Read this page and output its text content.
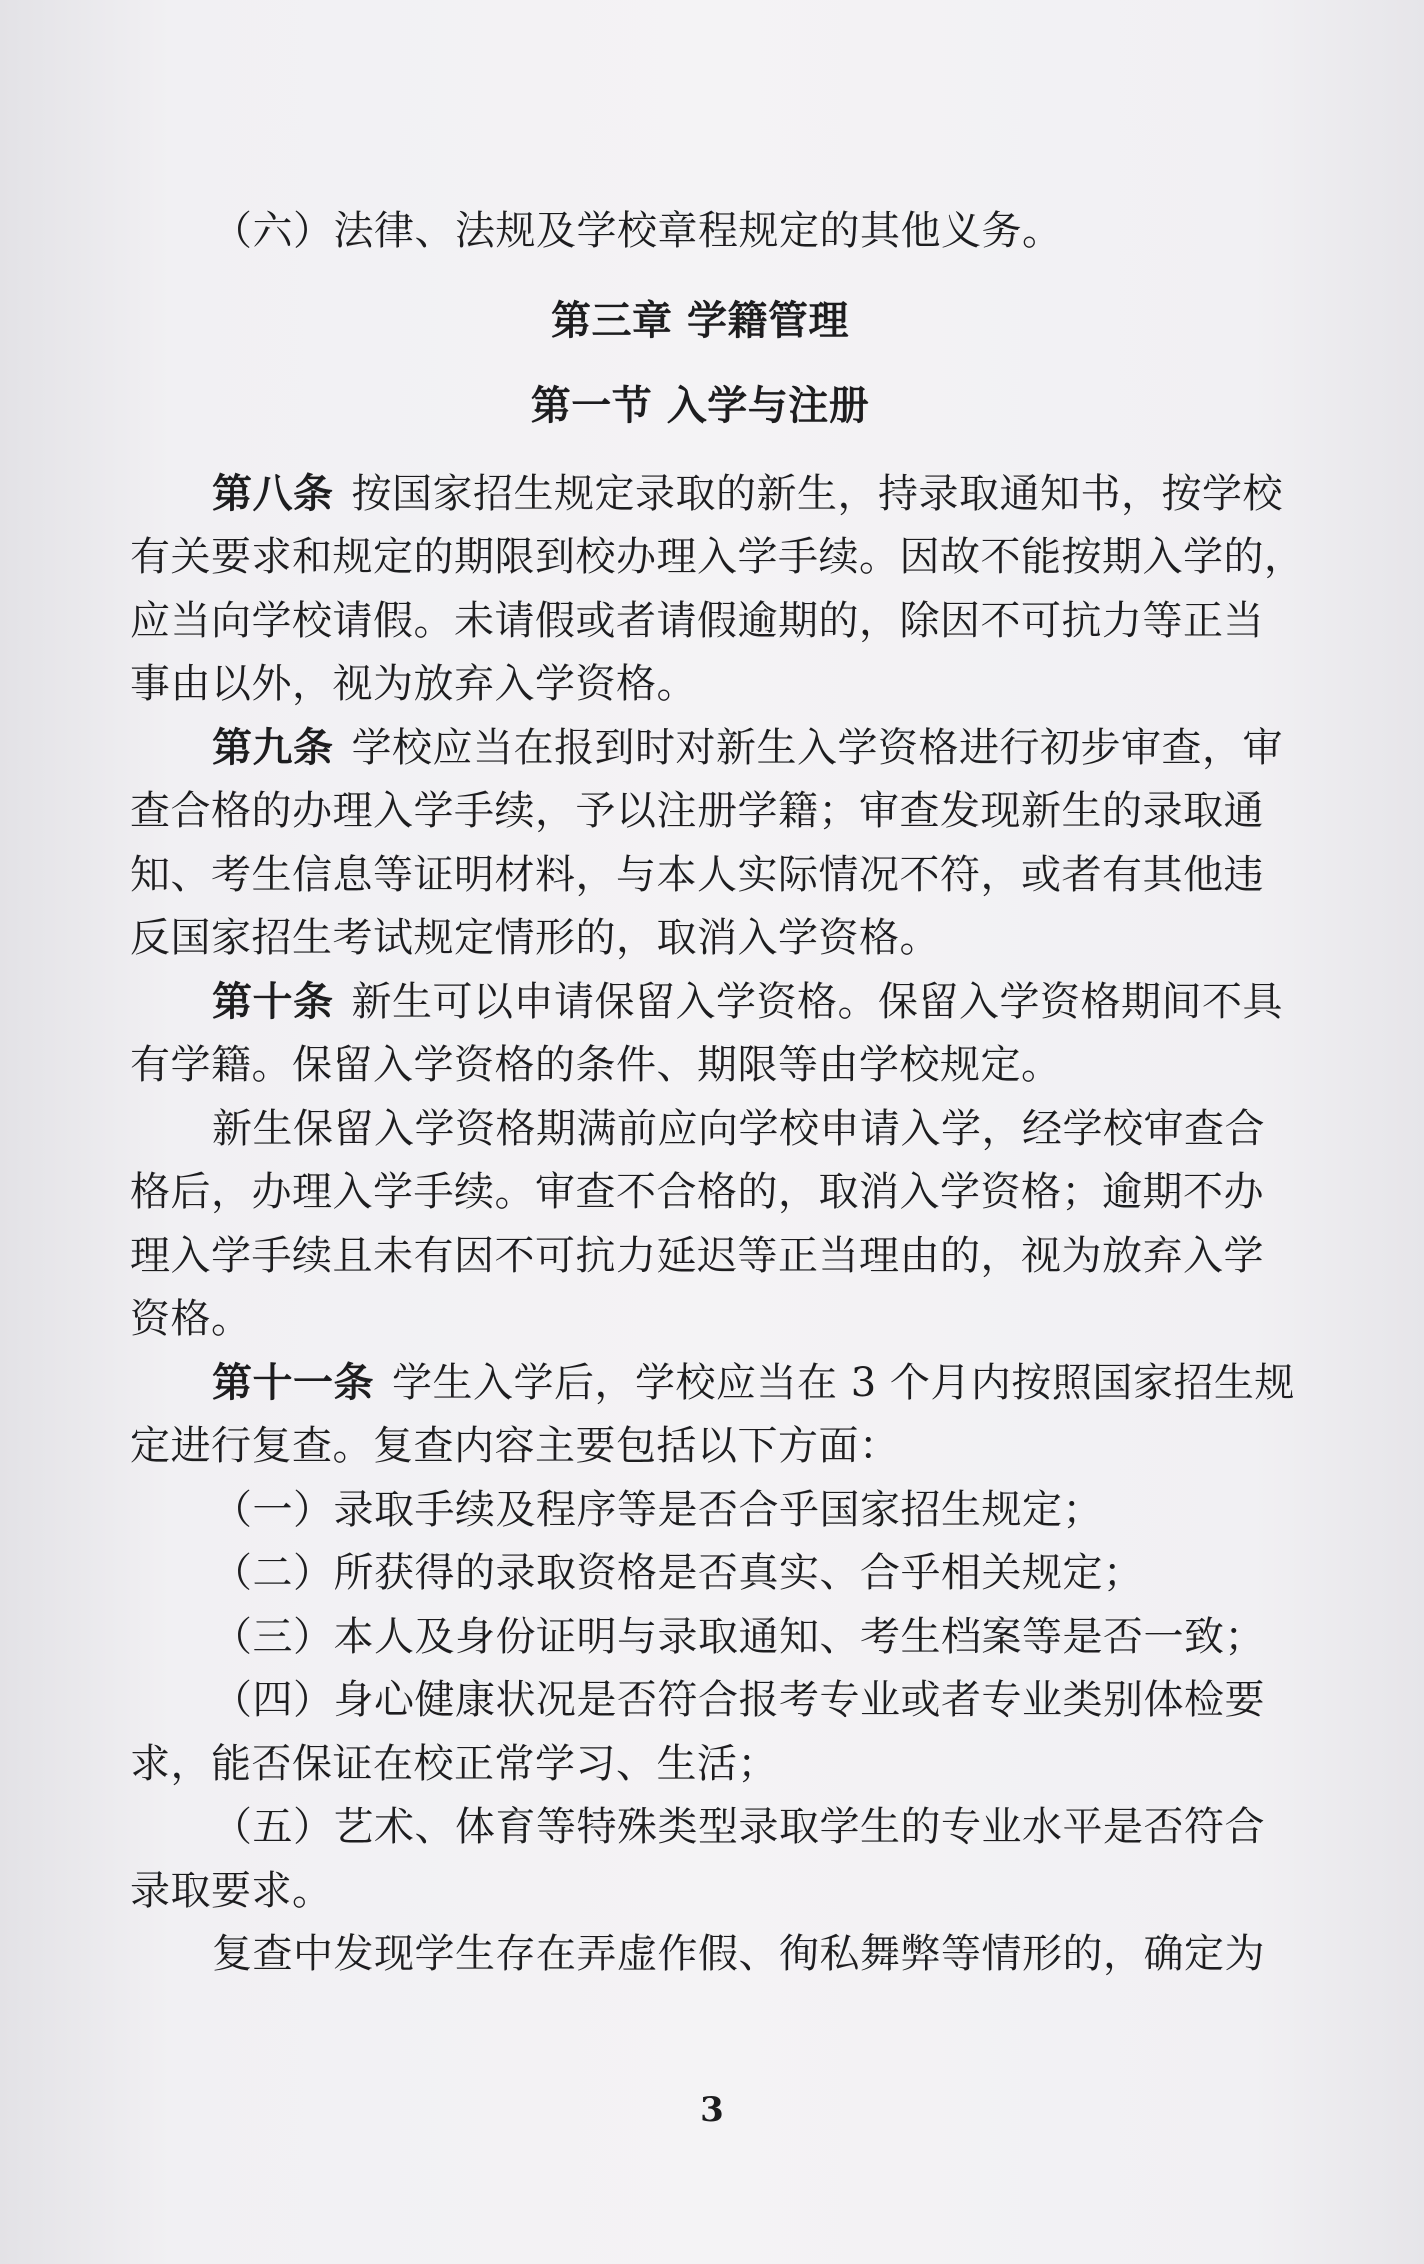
（六）法律、法规及学校章程规定的其他义务。
第三章 学籍管理
第一节 入学与注册
第八条 按国家招生规定录取的新生，持录取通知书，按学校
有关要求和规定的期限到校办理入学手续。因故不能按期入学的，
应当向学校请假。未请假或者请假逾期的，除因不可抗力等正当
事由以外，视为放弃入学资格。
第九条 学校应当在报到时对新生入学资格进行初步审查，审
查合格的办理入学手续，予以注册学籍；审查发现新生的录取通
知、考生信息等证明材料，与本人实际情况不符，或者有其他违
反国家招生考试规定情形的，取消入学资格。
第十条 新生可以申请保留入学资格。保留入学资格期间不具
有学籍。保留入学资格的条件、期限等由学校规定。
新生保留入学资格期满前应向学校申请入学，经学校审查合
格后，办理入学手续。审查不合格的，取消入学资格；逾期不办
理入学手续且未有因不可抗力延迟等正当理由的，视为放弃入学
资格。
第十一条 学生入学后，学校应当在 3 个月内按照国家招生规
定进行复查。复查内容主要包括以下方面：
（一）录取手续及程序等是否合乎国家招生规定；
（二）所获得的录取资格是否真实、合乎相关规定；
（三）本人及身份证明与录取通知、考生档案等是否一致；
（四）身心健康状况是否符合报考专业或者专业类别体检要
求，能否保证在校正常学习、生活；
（五）艺术、体育等特殊类型录取学生的专业水平是否符合
录取要求。
复查中发现学生存在弄虚作假、徇私舞弊等情形的，确定为
3
